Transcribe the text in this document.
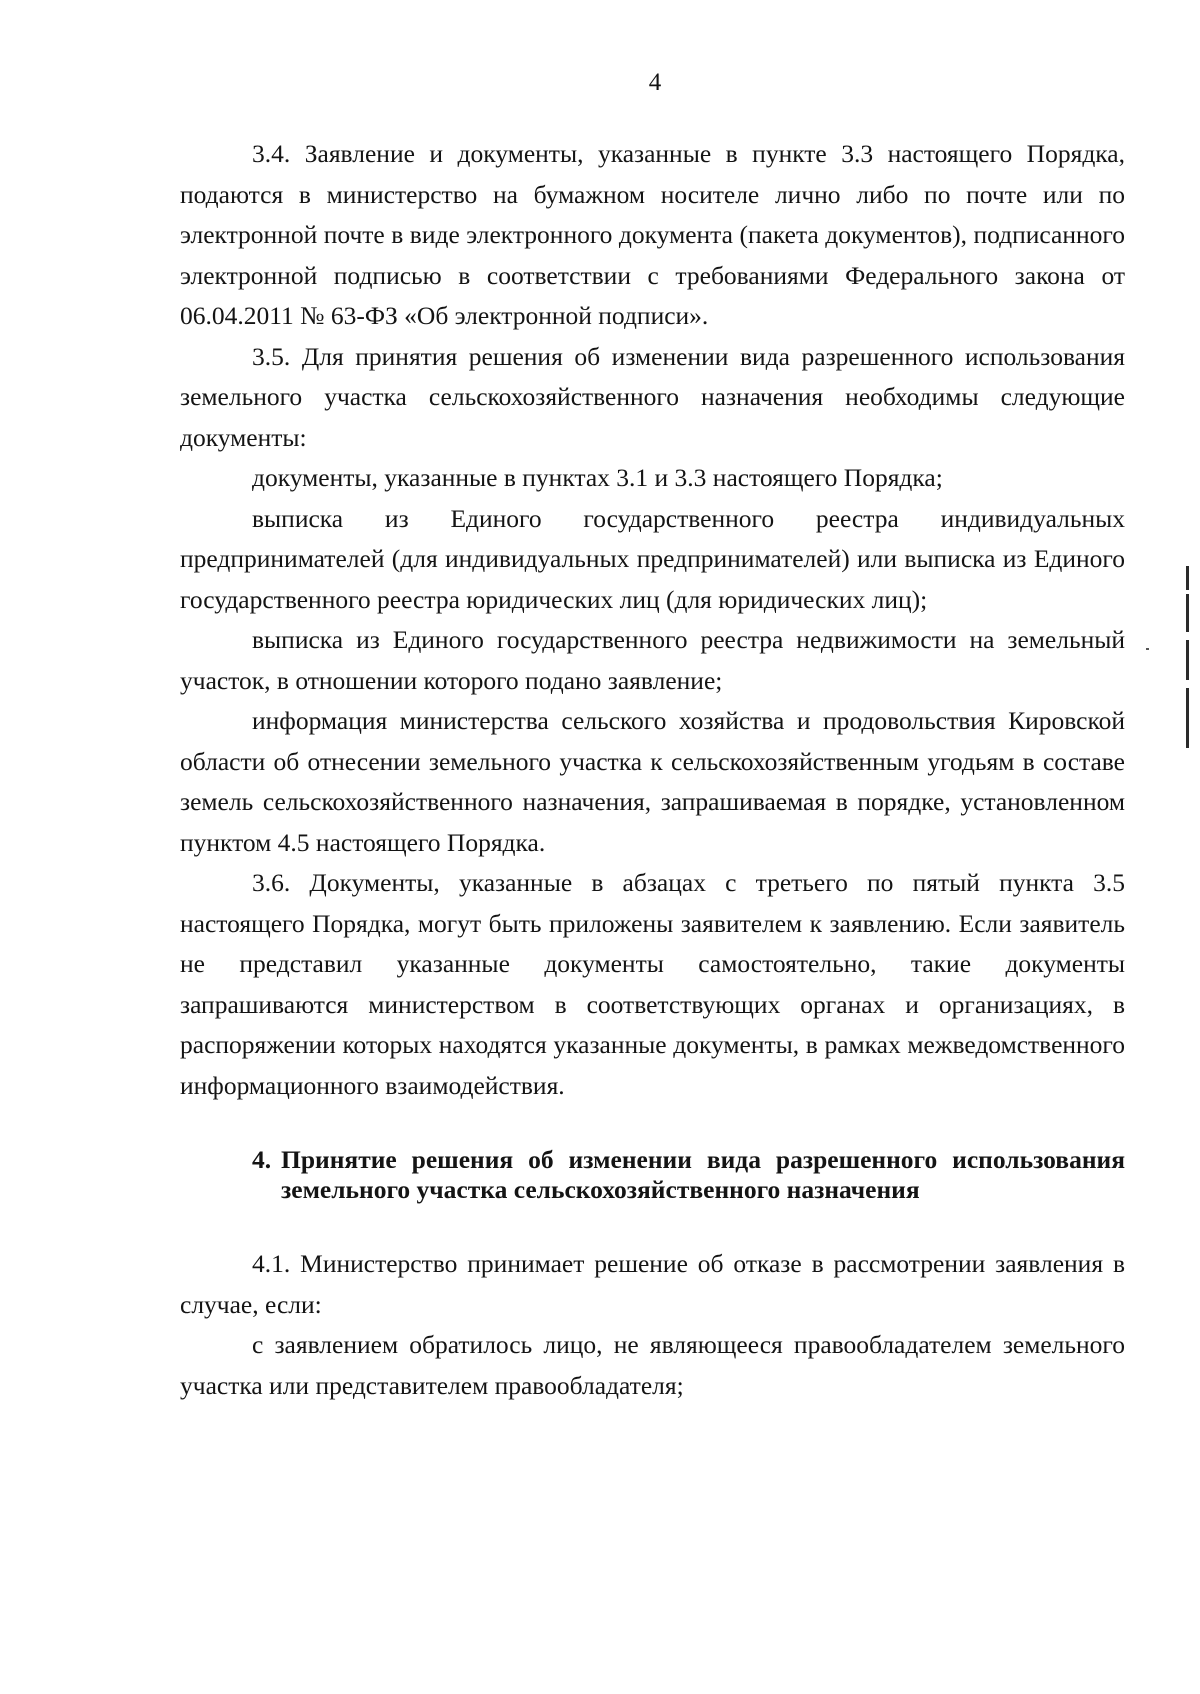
4

3.4. Заявление и документы, указанные в пункте 3.3 настоящего Порядка, подаются в министерство на бумажном носителе лично либо по почте или по электронной почте в виде электронного документа (пакета документов), подписанного электронной подписью в соответствии с требованиями Федерального закона от 06.04.2011 № 63-ФЗ «Об электронной подписи».

3.5. Для принятия решения об изменении вида разрешенного использования земельного участка сельскохозяйственного назначения необходимы следующие документы:

документы, указанные в пунктах 3.1 и 3.3 настоящего Порядка;

выписка из Единого государственного реестра индивидуальных предпринимателей (для индивидуальных предпринимателей) или выписка из Единого государственного реестра юридических лиц (для юридических лиц);

выписка из Единого государственного реестра недвижимости на земельный участок, в отношении которого подано заявление;

информация министерства сельского хозяйства и продовольствия Кировской области об отнесении земельного участка к сельскохозяйственным угодьям в составе земель сельскохозяйственного назначения, запрашиваемая в порядке, установленном пунктом 4.5 настоящего Порядка.

3.6. Документы, указанные в абзацах с третьего по пятый пункта 3.5 настоящего Порядка, могут быть приложены заявителем к заявлению. Если заявитель не представил указанные документы самостоятельно, такие документы запрашиваются министерством в соответствующих органах и организациях, в распоряжении которых находятся указанные документы, в рамках межведомственного информационного взаимодействия.

4. Принятие решения об изменении вида разрешенного использования земельного участка сельскохозяйственного назначения

4.1. Министерство принимает решение об отказе в рассмотрении заявления в случае, если:

с заявлением обратилось лицо, не являющееся правообладателем земельного участка или представителем правообладателя;
